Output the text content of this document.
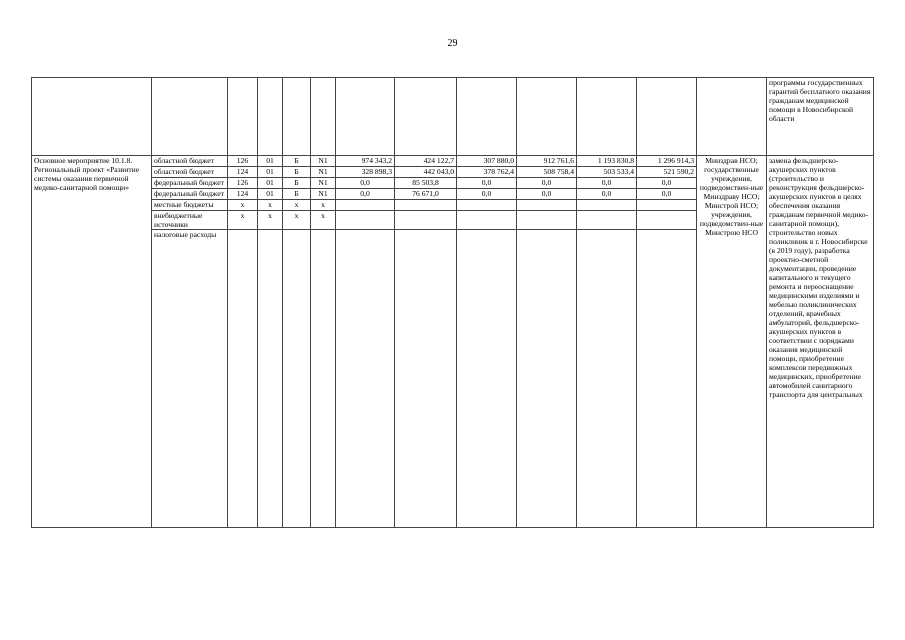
29
													программы государственных гарантий бесплатного оказания гражданам медицинской помощи в Новосибирской области
Основное мероприятие 10.1.8. Региональный проект «Развитие системы оказания первичной медико-санитарной помощи»	областной бюджет	126	01	Б	N1	974 343,2	424 122,7	307 880,0	912 761,6	1 193 830,8	1 296 914,3	Минздрав НСО; государственные учреждения, подведомствен-ные Минздраву НСО; Минстрой НСО; учреждения, подведомствен-ные Минстрою НСО	замена фельдшерско-акушерских пунктов (строительство и реконструкция фельдшерско-акушерских пунктов в целях обеспечения оказания гражданам первичной медико-санитарной помощи), строительство новых поликлиник в г. Новосибирске (в 2019 году), разработка проектно-сметной документации, проведение капитального и текущего ремонта и переоснащение медицинскими изделиями и мебелью поликлинических отделений, врачебных амбулаторий, фельдшерско-акушерских пунктов в соответствии с порядками оказания медицинской помощи, приобретение комплексов передвижных медицинских, приобретение автомобилей санитарного транспорта для центральных
	областной бюджет	124	01	Б	N1	328 898,3	442 043,0	378 762,4	508 758,4	503 533,4	521 590,2		
	федеральный бюджет	126	01	Б	N1	0,0	85 503,8	0,0	0,0	0,0	0,0		
	федеральный бюджет	124	01	Б	N1	0,0	76 671,0	0,0	0,0	0,0	0,0		
	местные бюджеты	x	x	x	x								
	внебюджетные источники	x	x	x	x								
	налоговые расходы												
